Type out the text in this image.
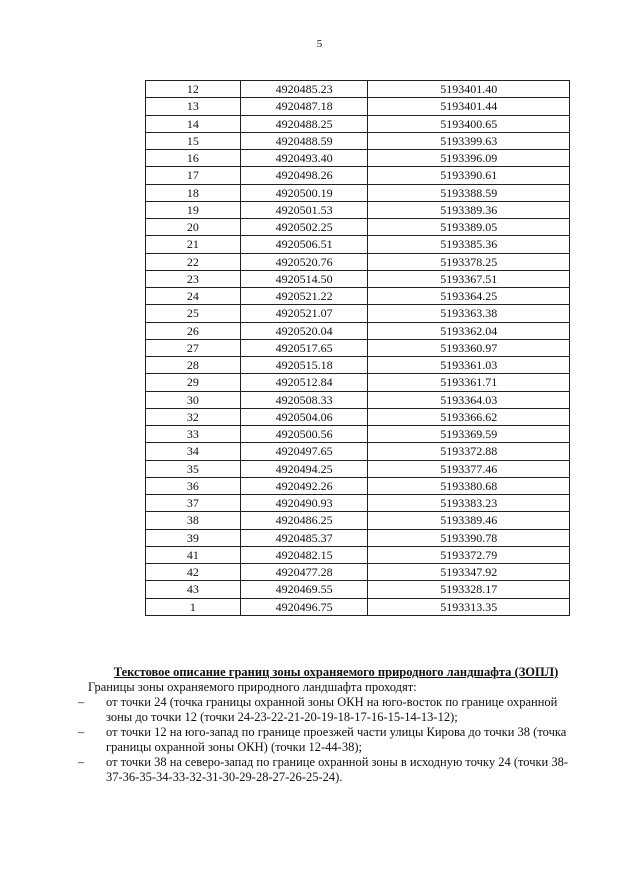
5
12	4920485.23	5193401.40
13	4920487.18	5193401.44
14	4920488.25	5193400.65
15	4920488.59	5193399.63
16	4920493.40	5193396.09
17	4920498.26	5193390.61
18	4920500.19	5193388.59
19	4920501.53	5193389.36
20	4920502.25	5193389.05
21	4920506.51	5193385.36
22	4920520.76	5193378.25
23	4920514.50	5193367.51
24	4920521.22	5193364.25
25	4920521.07	5193363.38
26	4920520.04	5193362.04
27	4920517.65	5193360.97
28	4920515.18	5193361.03
29	4920512.84	5193361.71
30	4920508.33	5193364.03
32	4920504.06	5193366.62
33	4920500.56	5193369.59
34	4920497.65	5193372.88
35	4920494.25	5193377.46
36	4920492.26	5193380.68
37	4920490.93	5193383.23
38	4920486.25	5193389.46
39	4920485.37	5193390.78
41	4920482.15	5193372.79
42	4920477.28	5193347.92
43	4920469.55	5193328.17
1	4920496.75	5193313.35

Текстовое описание границ зоны охраняемого природного ландшафта (ЗОПЛ)

Границы зоны охраняемого природного ландшафта проходят:

– от точки 24 (точка границы охранной зоны ОКН на юго-восток по границе охранной зоны до точки 12 (точки 24-23-22-21-20-19-18-17-16-15-14-13-12);
– от точки 12 на юго-запад по границе проезжей части улицы Кирова до точки 38 (точка границы охранной зоны ОКН) (точки 12-44-38);
– от точки 38 на северо-запад по границе охранной зоны в исходную точку 24 (точки 38-37-36-35-34-33-32-31-30-29-28-27-26-25-24).
